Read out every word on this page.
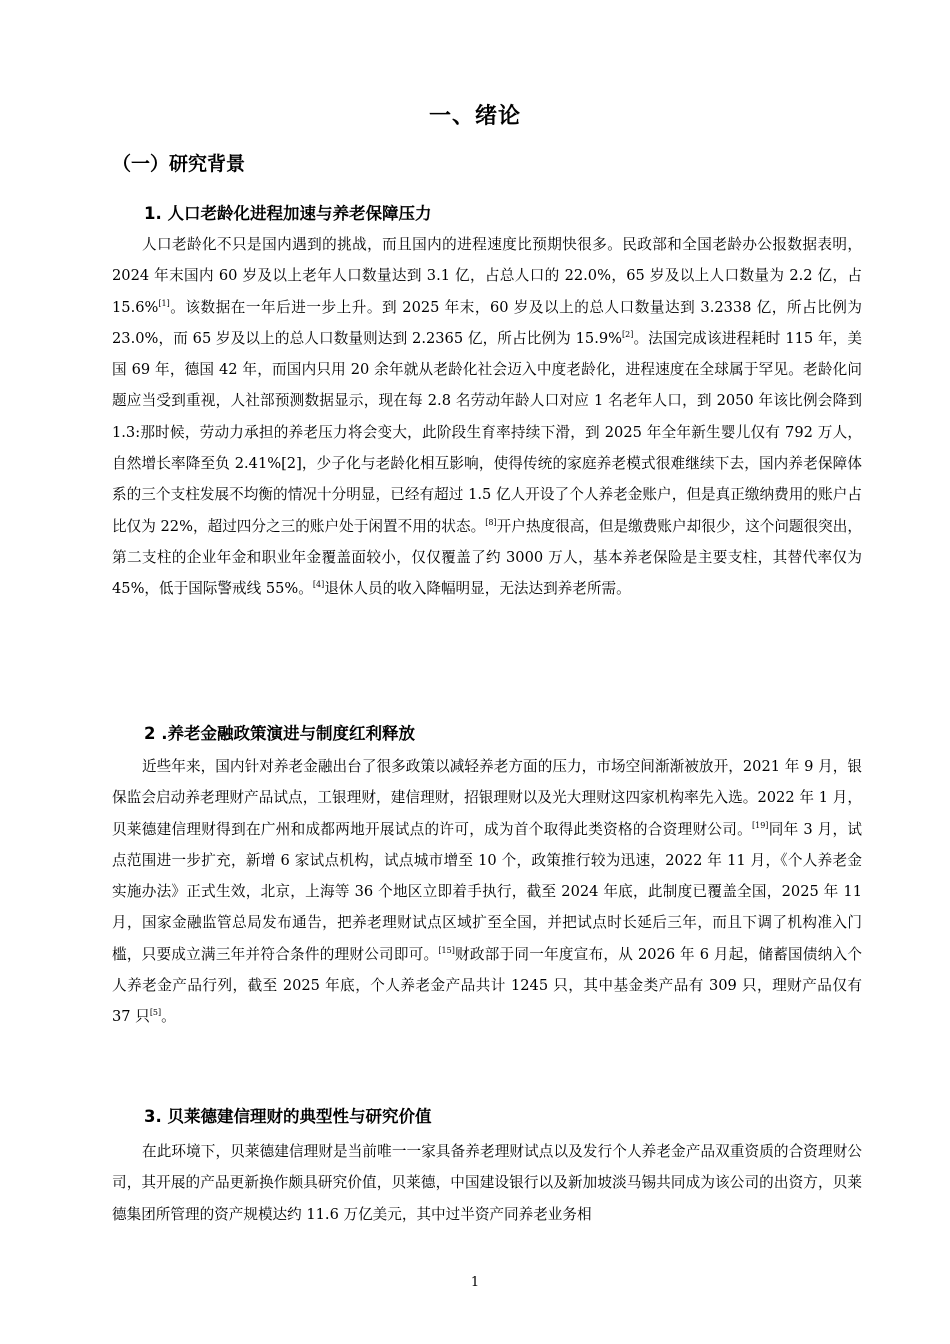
一、绪论
（一）研究背景
1. 人口老龄化进程加速与养老保障压力
人口老龄化不只是国内遇到的挑战，而且国内的进程速度比预期快很多。民政部和全国老龄办公报数据表明，2024 年末国内 60 岁及以上老年人口数量达到 3.1 亿，占总人口的 22.0%，65 岁及以上人口数量为 2.2 亿，占 15.6%[1]。该数据在一年后进一步上升。到 2025 年末，60 岁及以上的总人口数量达到 3.2338 亿，所占比例为 23.0%，而 65 岁及以上的总人口数量则达到 2.2365 亿，所占比例为 15.9%[2]。法国完成该进程耗时 115 年，美国 69 年，德国 42 年，而国内只用 20 余年就从老龄化社会迈入中度老龄化，进程速度在全球属于罕见。老龄化问题应当受到重视，人社部预测数据显示，现在每 2.8 名劳动年龄人口对应 1 名老年人口，到 2050 年该比例会降到 1.3:那时候，劳动力承担的养老压力将会变大，此阶段生育率持续下滑，到 2025 年全年新生婴儿仅有 792 万人，自然增长率降至负 2.41%[2]，少子化与老龄化相互影响，使得传统的家庭养老模式很难继续下去，国内养老保障体系的三个支柱发展不均衡的情况十分明显，已经有超过 1.5 亿人开设了个人养老金账户，但是真正缴纳费用的账户占比仅为 22%，超过四分之三的账户处于闲置不用的状态。[8]开户热度很高，但是缴费账户却很少，这个问题很突出，第二支柱的企业年金和职业年金覆盖面较小，仅仅覆盖了约 3000 万人，基本养老保险是主要支柱，其替代率仅为 45%，低于国际警戒线 55%。[4]退休人员的收入降幅明显，无法达到养老所需。
2 .养老金融政策演进与制度红利释放
近些年来，国内针对养老金融出台了很多政策以减轻养老方面的压力，市场空间渐渐被放开，2021 年 9 月，银保监会启动养老理财产品试点，工银理财，建信理财，招银理财以及光大理财这四家机构率先入选。2022 年 1 月，贝莱德建信理财得到在广州和成都两地开展试点的许可，成为首个取得此类资格的合资理财公司。[19]同年 3 月，试点范围进一步扩充，新增 6 家试点机构，试点城市增至 10 个，政策推行较为迅速，2022 年 11 月，《个人养老金实施办法》正式生效，北京，上海等 36 个地区立即着手执行，截至 2024 年底，此制度已覆盖全国，2025 年 11 月，国家金融监管总局发布通告，把养老理财试点区域扩至全国，并把试点时长延后三年，而且下调了机构准入门槛，只要成立满三年并符合条件的理财公司即可。[15]财政部于同一年度宣布，从 2026 年 6 月起，储蓄国债纳入个人养老金产品行列，截至 2025 年底，个人养老金产品共计 1245 只，其中基金类产品有 309 只，理财产品仅有 37 只[5]。
3. 贝莱德建信理财的典型性与研究价值
在此环境下，贝莱德建信理财是当前唯一一家具备养老理财试点以及发行个人养老金产品双重资质的合资理财公司，其开展的产品更新换作颇具研究价值，贝莱德，中国建设银行以及新加坡淡马锡共同成为该公司的出资方，贝莱德集团所管理的资产规模达约 11.6 万亿美元，其中过半资产同养老业务相
1
